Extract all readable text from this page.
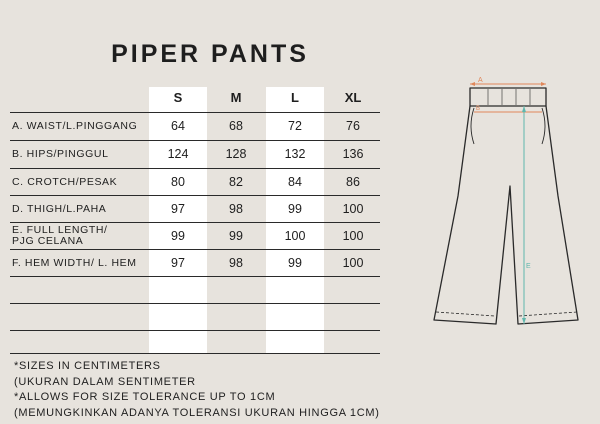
PIPER PANTS
S	M	L	XL
A. WAIST/L.PINGGANG	64	68	72	76
B. HIPS/PINGGUL	124	128	132	136
C. CROTCH/PESAK	80	82	84	86
D. THIGH/L.PAHA	97	98	99	100
E. FULL LENGTH/ PJG CELANA	99	99	100	100
F. HEM WIDTH/ L. HEM	97	98	99	100
*SIZES IN CENTIMETERS
(UKURAN DALAM SENTIMETER
*ALLOWS FOR SIZE TOLERANCE UP TO 1CM
(MEMUNGKINKAN ADANYA TOLERANSI UKURAN HINGGA 1CM)
A
B
E
